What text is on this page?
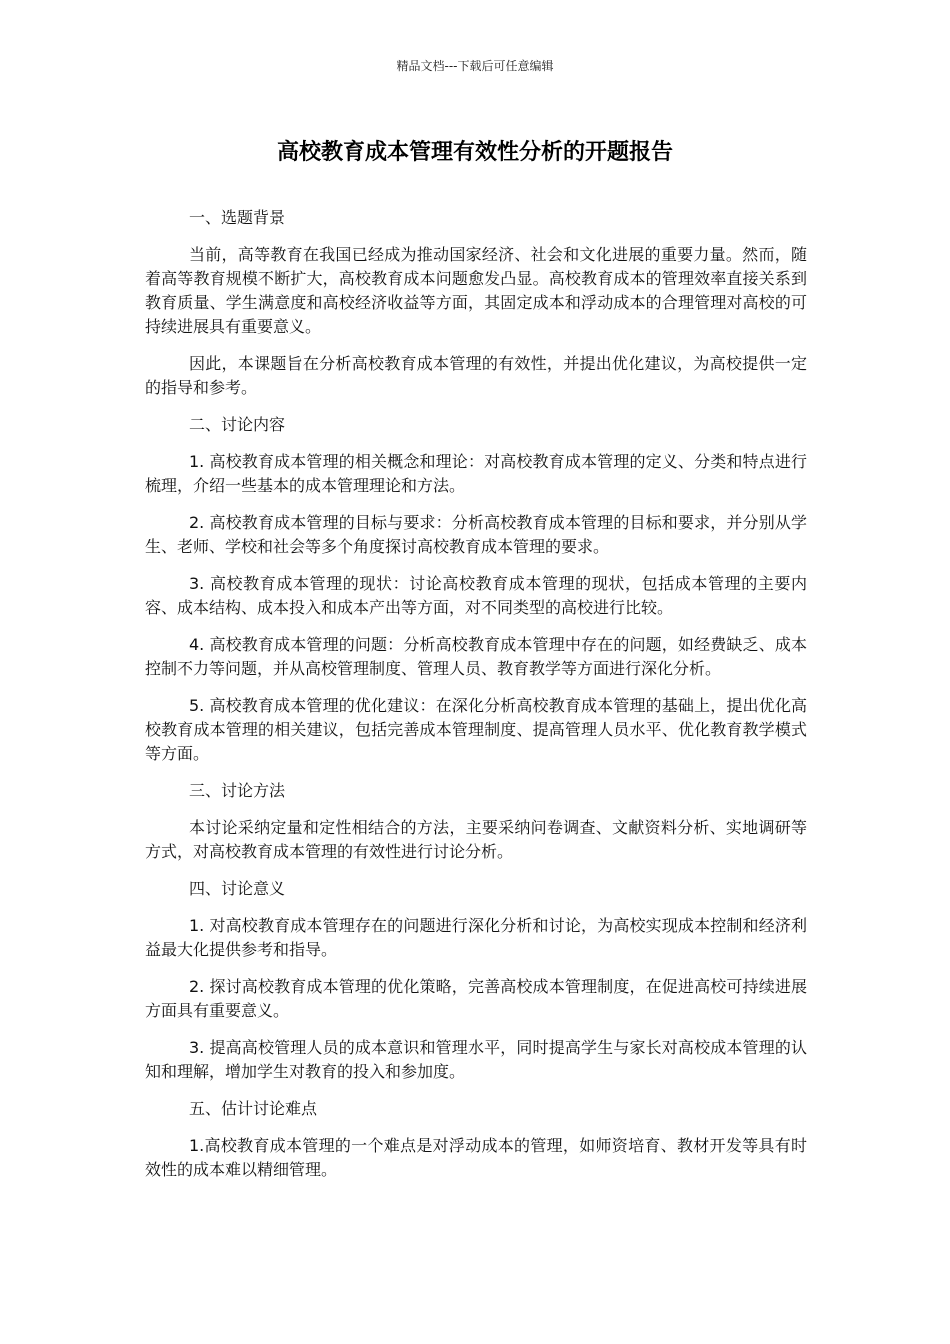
精品文档---下载后可任意编辑
高校教育成本管理有效性分析的开题报告

一、选题背景

当前，高等教育在我国已经成为推动国家经济、社会和文化进展的重要力量。然而，随着高等教育规模不断扩大，高校教育成本问题愈发凸显。高校教育成本的管理效率直接关系到教育质量、学生满意度和高校经济收益等方面，其固定成本和浮动成本的合理管理对高校的可持续进展具有重要意义。

因此，本课题旨在分析高校教育成本管理的有效性，并提出优化建议，为高校提供一定的指导和参考。

二、讨论内容

1. 高校教育成本管理的相关概念和理论：对高校教育成本管理的定义、分类和特点进行梳理，介绍一些基本的成本管理理论和方法。

2. 高校教育成本管理的目标与要求：分析高校教育成本管理的目标和要求，并分别从学生、老师、学校和社会等多个角度探讨高校教育成本管理的要求。

3. 高校教育成本管理的现状：讨论高校教育成本管理的现状，包括成本管理的主要内容、成本结构、成本投入和成本产出等方面，对不同类型的高校进行比较。

4. 高校教育成本管理的问题：分析高校教育成本管理中存在的问题，如经费缺乏、成本控制不力等问题，并从高校管理制度、管理人员、教育教学等方面进行深化分析。

5. 高校教育成本管理的优化建议：在深化分析高校教育成本管理的基础上，提出优化高校教育成本管理的相关建议，包括完善成本管理制度、提高管理人员水平、优化教育教学模式等方面。

三、讨论方法

本讨论采纳定量和定性相结合的方法，主要采纳问卷调查、文献资料分析、实地调研等方式，对高校教育成本管理的有效性进行讨论分析。

四、讨论意义

1. 对高校教育成本管理存在的问题进行深化分析和讨论，为高校实现成本控制和经济利益最大化提供参考和指导。

2. 探讨高校教育成本管理的优化策略，完善高校成本管理制度，在促进高校可持续进展方面具有重要意义。

3. 提高高校管理人员的成本意识和管理水平，同时提高学生与家长对高校成本管理的认知和理解，增加学生对教育的投入和参加度。

五、估计讨论难点

1.高校教育成本管理的一个难点是对浮动成本的管理，如师资培育、教材开发等具有时效性的成本难以精细管理。
